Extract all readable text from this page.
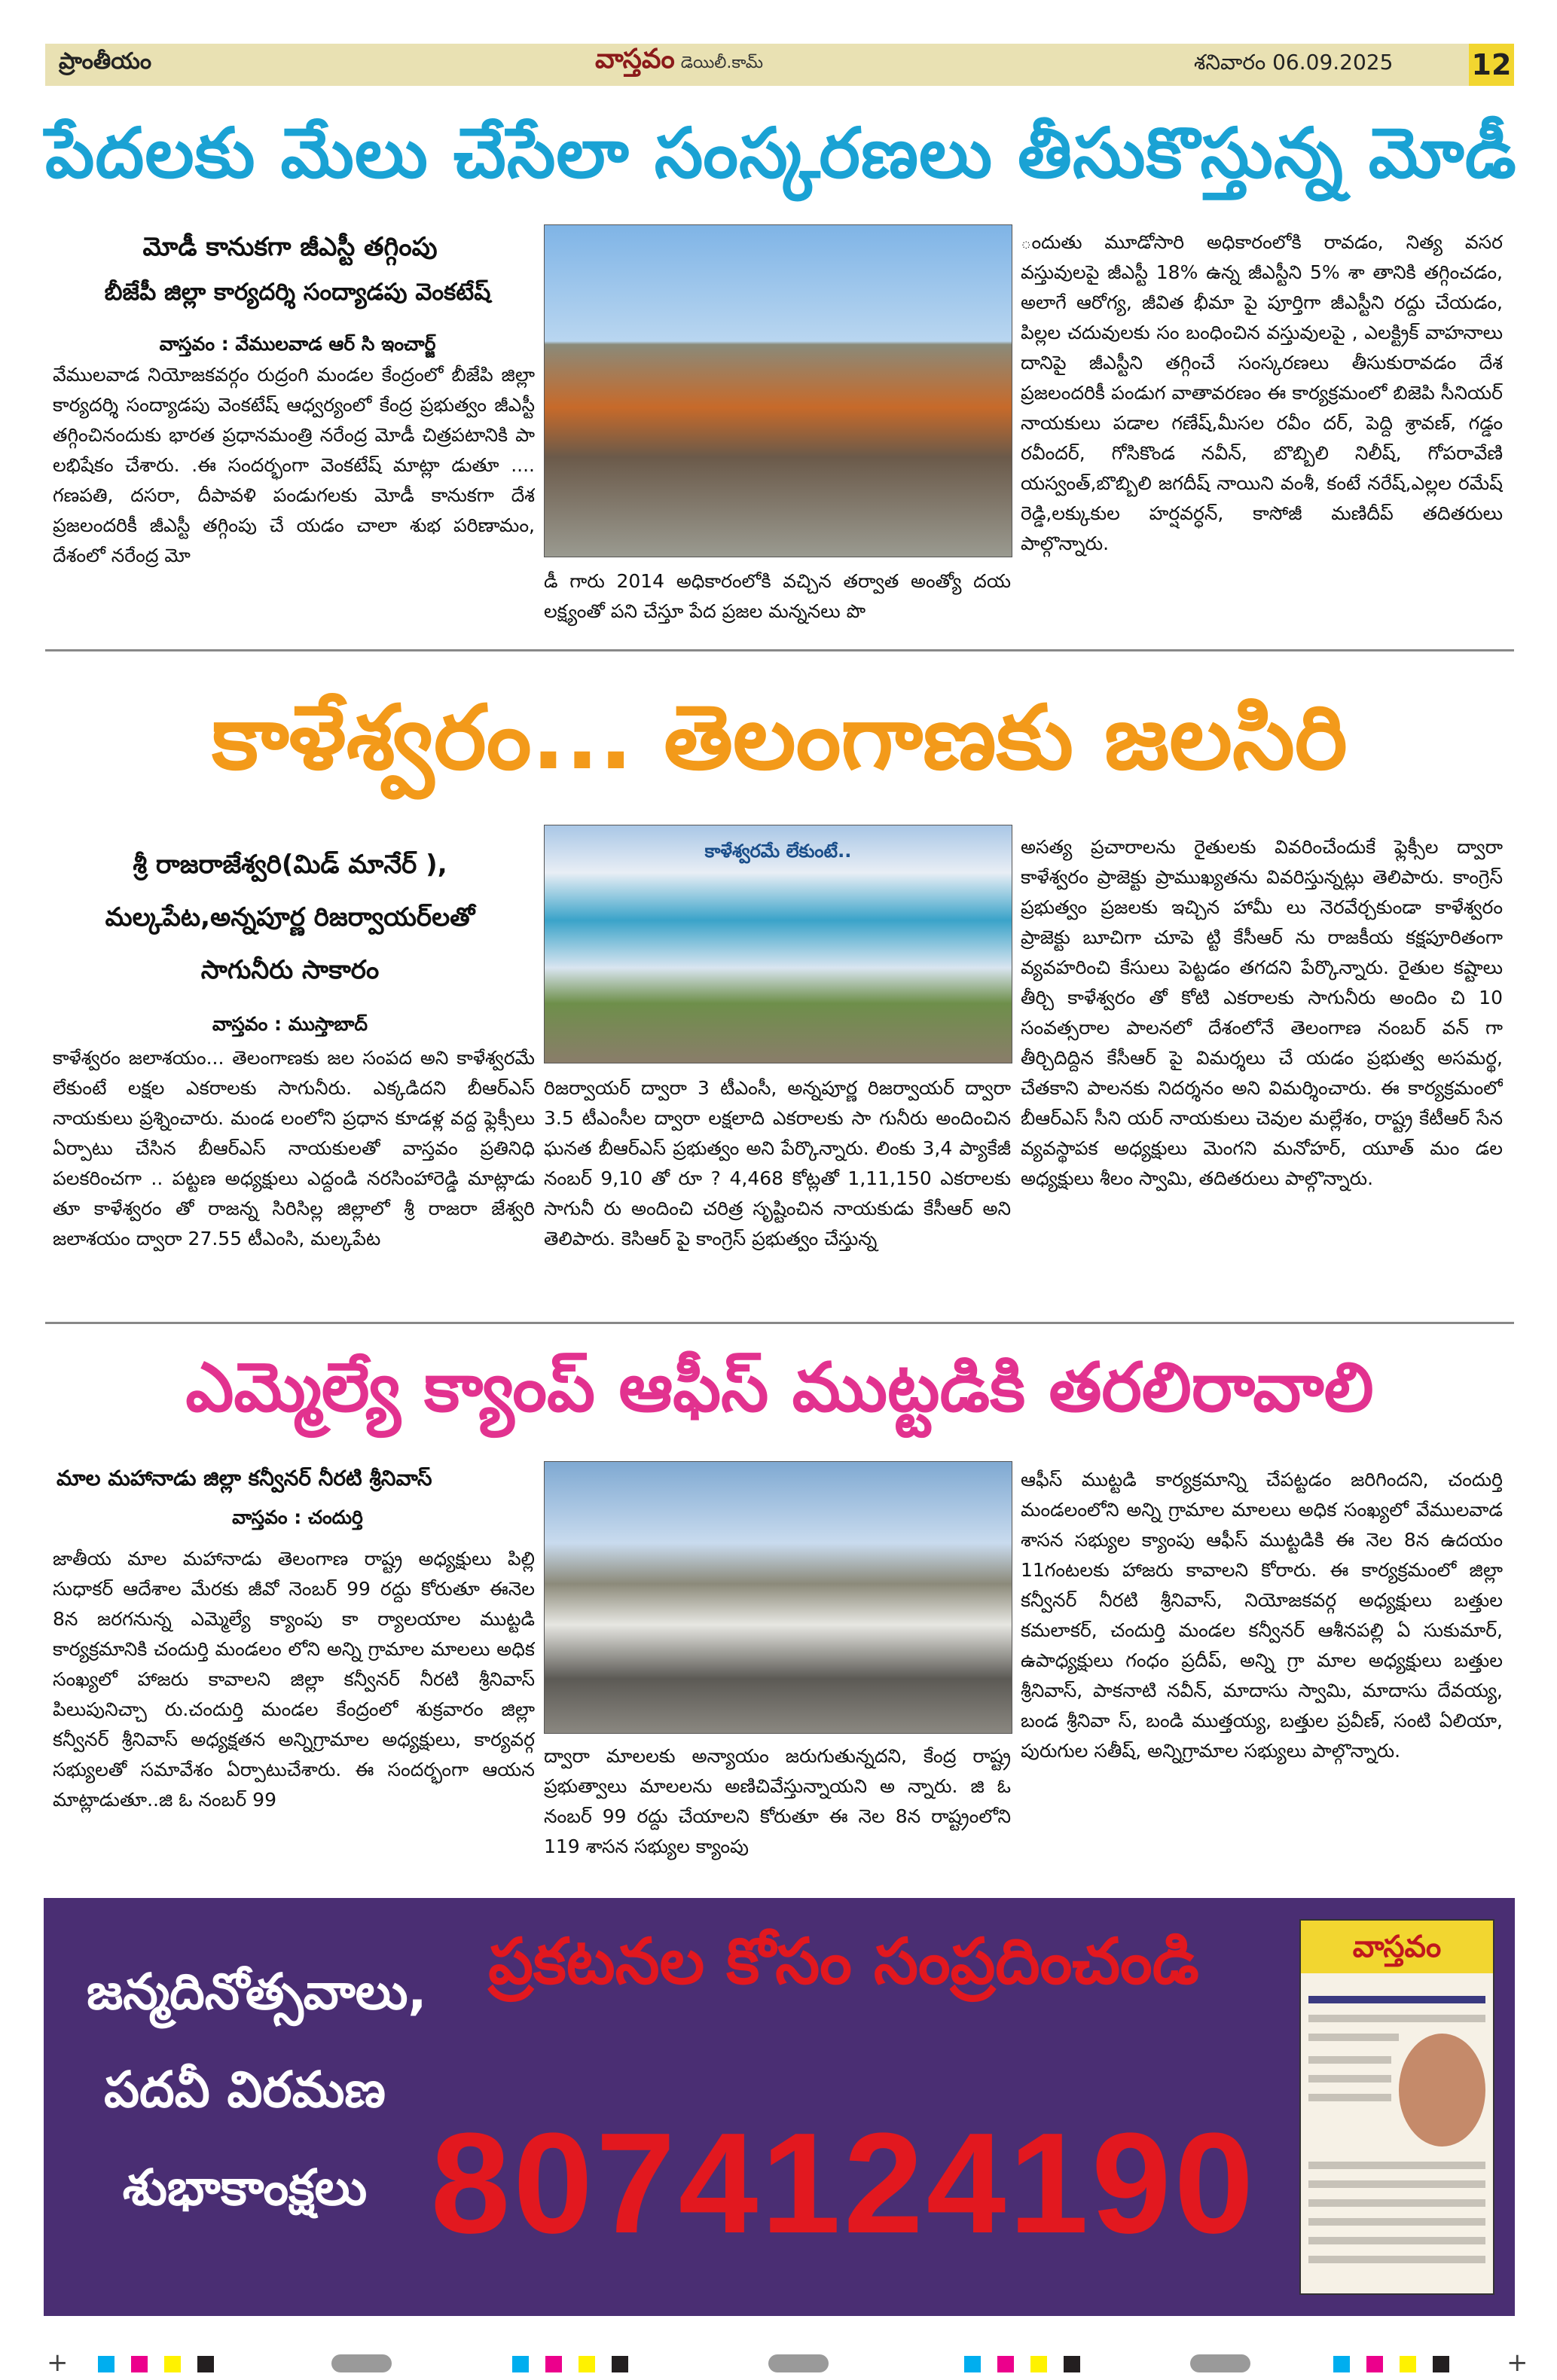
ప్రాంతీయం	వాస్తవం డెయిలీ.కామ్	శనివారం 06.09.2025	12
పేదలకు మేలు చేసేలా సంస్కరణలు తీసుకొస్తున్న మోడీ
మోడీ కానుకగా జీఎస్టీ తగ్గింపు
బీజేపీ జిల్లా కార్యదర్శి సంద్యాడపు వెంకటేష్
వాస్తవం : వేములవాడ ఆర్ సి ఇంచార్జ్
వేములవాడ నియోజకవర్గం రుద్రంగి మండల కేంద్రంలో బీజేపి జిల్లా కార్యదర్శి సంద్యాడపు వెంకటేష్ ఆధ్వర్యంలో కేంద్ర ప్రభుత్వం జీఎస్టీ తగ్గించినందుకు భారత ప్రధానమంత్రి నరేంద్ర మోడీ చిత్రపటానికి పా లభిషేకం చేశారు. .ఈ సందర్భంగా వెంకటేష్ మాట్లా డుతూ .... గణపతి, దసరా, దీపావళి పండుగలకు మోడీ కానుకగా దేశ ప్రజలందరికీ జీఎస్టీ తగ్గింపు చే యడం చాలా శుభ పరిణామం, దేశంలో నరేంద్ర మో
డీ గారు 2014 అధికారంలోకి వచ్చిన తర్వాత అంత్యో దయ లక్ష్యంతో పని చేస్తూ పేద ప్రజల మన్ననలు పొ
ందుతు మూడోసారి అధికారంలోకి రావడం, నిత్య వసర వస్తువులపై జీఎస్టీ 18% ఉన్న జీఎస్టీని 5% శా తానికి తగ్గించడం, అలాగే ఆరోగ్య, జీవిత భీమా పై పూర్తిగా జీఎస్టీని రద్దు చేయడం, పిల్లల చదువులకు సం బంధించిన వస్తువులపై , ఎలక్ట్రిక్ వాహనాలు దానిపై జీఎస్టీని తగ్గించే సంస్కరణలు తీసుకురావడం దేశ ప్రజలందరికీ పండుగ వాతావరణం ఈ కార్యక్రమంలో బిజెపి సీనియర్ నాయకులు పడాల గణేష్,మీసల రవీం దర్, పెద్ది శ్రావణ్, గడ్డం రవీందర్, గోసికొండ నవీన్, బొబ్బిలి నిలీష్, గోపరావేణి యస్వంత్,బొబ్బిలి జగదీష్ నాయిని వంశీ, కంటే నరేష్,ఎల్లల రమేష్ రెడ్డి,లక్కుకుల హర్షవర్ధన్, కాసోజీ మణిదీప్ తదితరులు పాల్గొన్నారు.
కాళేశ్వరం... తెలంగాణకు జలసిరి
శ్రీ రాజరాజేశ్వరి(మిడ్ మానేర్ ),
మల్కపేట,అన్నపూర్ణ రిజర్వాయర్‌లతో
సాగునీరు సాకారం
వాస్తవం : ముస్తాబాద్
కాళేశ్వరం జలాశయం... తెలంగాణకు జల సంపద అని కాళేశ్వరమే లేకుంటే లక్షల ఎకరాలకు సాగునీరు. ఎక్కడిదని బీఆర్ఎస్ నాయకులు ప్రశ్నించారు. మండ లంలోని ప్రధాన కూడళ్ల వద్ద ఫ్లెక్సీలు ఏర్పాటు చేసిన బీఆర్ఎస్ నాయకులతో వాస్తవం ప్రతినిధి పలకరించగా .. పట్టణ అధ్యక్షులు ఎద్దండి నరసింహారెడ్డి మాట్లాడు తూ కాళేశ్వరం తో రాజన్న సిరిసిల్ల జిల్లాలో శ్రీ రాజరా జేశ్వరి జలాశయం ద్వారా 27.55 టీఎంసి, మల్కపేట
కాళేశ్వరమే లేకుంటే..
రిజర్వాయర్ ద్వారా 3 టీఎంసీ, అన్నపూర్ణ రిజర్వాయర్ ద్వారా 3.5 టీఎంసీల ద్వారా లక్షలాది ఎకరాలకు సా గునీరు అందించిన ఘనత బీఆర్ఎస్ ప్రభుత్వం అని పేర్కొన్నారు. లింకు 3,4 ప్యాకేజీ నంబర్ 9,10 తో రూ ? 4,468 కోట్లతో 1,11,150 ఎకరాలకు సాగునీ రు అందించి చరిత్ర సృష్టించిన నాయకుడు కేసీఆర్ అని తెలిపారు. కెసిఆర్ పై కాంగ్రెస్ ప్రభుత్వం చేస్తున్న
అసత్య ప్రచారాలను రైతులకు వివరించేందుకే ఫ్లెక్సీల ద్వారా కాళేశ్వరం ప్రాజెక్టు ప్రాముఖ్యతను వివరిస్తున్నట్లు తెలిపారు. కాంగ్రెస్ ప్రభుత్వం ప్రజలకు ఇచ్చిన హామీ లు నెరవేర్చకుండా కాళేశ్వరం ప్రాజెక్టు బూచిగా చూపె ట్టి కేసీఆర్ ను రాజకీయ కక్షపూరితంగా వ్యవహరించి కేసులు పెట్టడం తగదని పేర్కొన్నారు. రైతుల కష్టాలు తీర్చి కాళేశ్వరం తో కోటి ఎకరాలకు సాగునీరు అందిం చి 10 సంవత్సరాల పాలనలో దేశంలోనే తెలంగాణ నంబర్ వన్ గా తీర్చిదిద్దిన కేసీఆర్ పై విమర్శలు చే యడం ప్రభుత్వ అసమర్థ, చేతకాని పాలనకు నిదర్శనం అని విమర్శించారు. ఈ కార్యక్రమంలో బీఆర్ఎస్ సీని యర్ నాయకులు చెవుల మల్లేశం, రాష్ట్ర కేటీఆర్ సేన వ్యవస్థాపక అధ్యక్షులు మెంగని మనోహర్, యూత్ మం డల అధ్యక్షులు శీలం స్వామి, తదితరులు పాల్గొన్నారు.
ఎమ్మెల్యే క్యాంప్ ఆఫీస్ ముట్టడికి తరలిరావాలి
మాల మహానాడు జిల్లా కన్వీనర్ నీరటి శ్రీనివాస్
వాస్తవం : చందుర్తి
జాతీయ మాల మహానాడు తెలంగాణ రాష్ట్ర అధ్యక్షులు పిల్లి సుధాకర్ ఆదేశాల మేరకు జీవో నెంబర్ 99 రద్దు కోరుతూ ఈనెల 8న జరగనున్న ఎమ్మెల్యే క్యాంపు కా ర్యాలయాల ముట్టడి కార్యక్రమానికి చందుర్తి మండలం లోని అన్ని గ్రామాల మాలలు అధిక సంఖ్యలో హాజరు కావాలని జిల్లా కన్వీనర్ నీరటి శ్రీనివాస్ పిలుపునిచ్చా రు.చందుర్తి మండల కేంద్రంలో శుక్రవారం జిల్లా కన్వీనర్ శ్రీనివాస్ అధ్యక్షతన అన్నిగ్రామాల అధ్యక్షులు, కార్యవర్గ సభ్యులతో సమావేశం ఏర్పాటుచేశారు. ఈ సందర్భంగా ఆయన మాట్లాడుతూ..జి ఓ నంబర్ 99
ద్వారా మాలలకు అన్యాయం జరుగుతున్నదని, కేంద్ర రాష్ట్ర ప్రభుత్వాలు మాలలను అణిచివేస్తున్నాయని అ న్నారు. జి ఓ నంబర్ 99 రద్దు చేయాలని కోరుతూ ఈ నెల 8న రాష్ట్రంలోని 119 శాసన సభ్యుల క్యాంపు
ఆఫీస్ ముట్టడి కార్యక్రమాన్ని చేపట్టడం జరిగిందని, చందుర్తి మండలంలోని అన్ని గ్రామాల మాలలు అధిక సంఖ్యలో వేములవాడ శాసన సభ్యుల క్యాంపు ఆఫీస్ ముట్టడికి ఈ నెల 8న ఉదయం 11గంటలకు హాజరు కావాలని కోరారు. ఈ కార్యక్రమంలో జిల్లా కన్వీనర్ నీరటి శ్రీనివాస్, నియోజకవర్గ అధ్యక్షులు బత్తుల కమలాకర్, చందుర్తి మండల కన్వీనర్ ఆశీనపల్లి ఏ సుకుమార్, ఉపాధ్యక్షులు గంధం ప్రదీప్, అన్ని గ్రా మాల అధ్యక్షులు బత్తుల శ్రీనివాస్, పాకనాటి నవీన్, మాదాసు స్వామి, మాదాసు దేవయ్య, బండ శ్రీనివా స్, బండి ముత్తయ్య, బత్తుల ప్రవీణ్, సంటి ఏలియా, పురుగుల సతీష్, అన్నిగ్రామాల సభ్యులు పాల్గొన్నారు.
జన్మదినోత్సవాలు,
పదవీ విరమణ
శుభాకాంక్షలు
ప్రకటనల కోసం సంప్రదించండి
8074124190
వాస్తవం
+	+
